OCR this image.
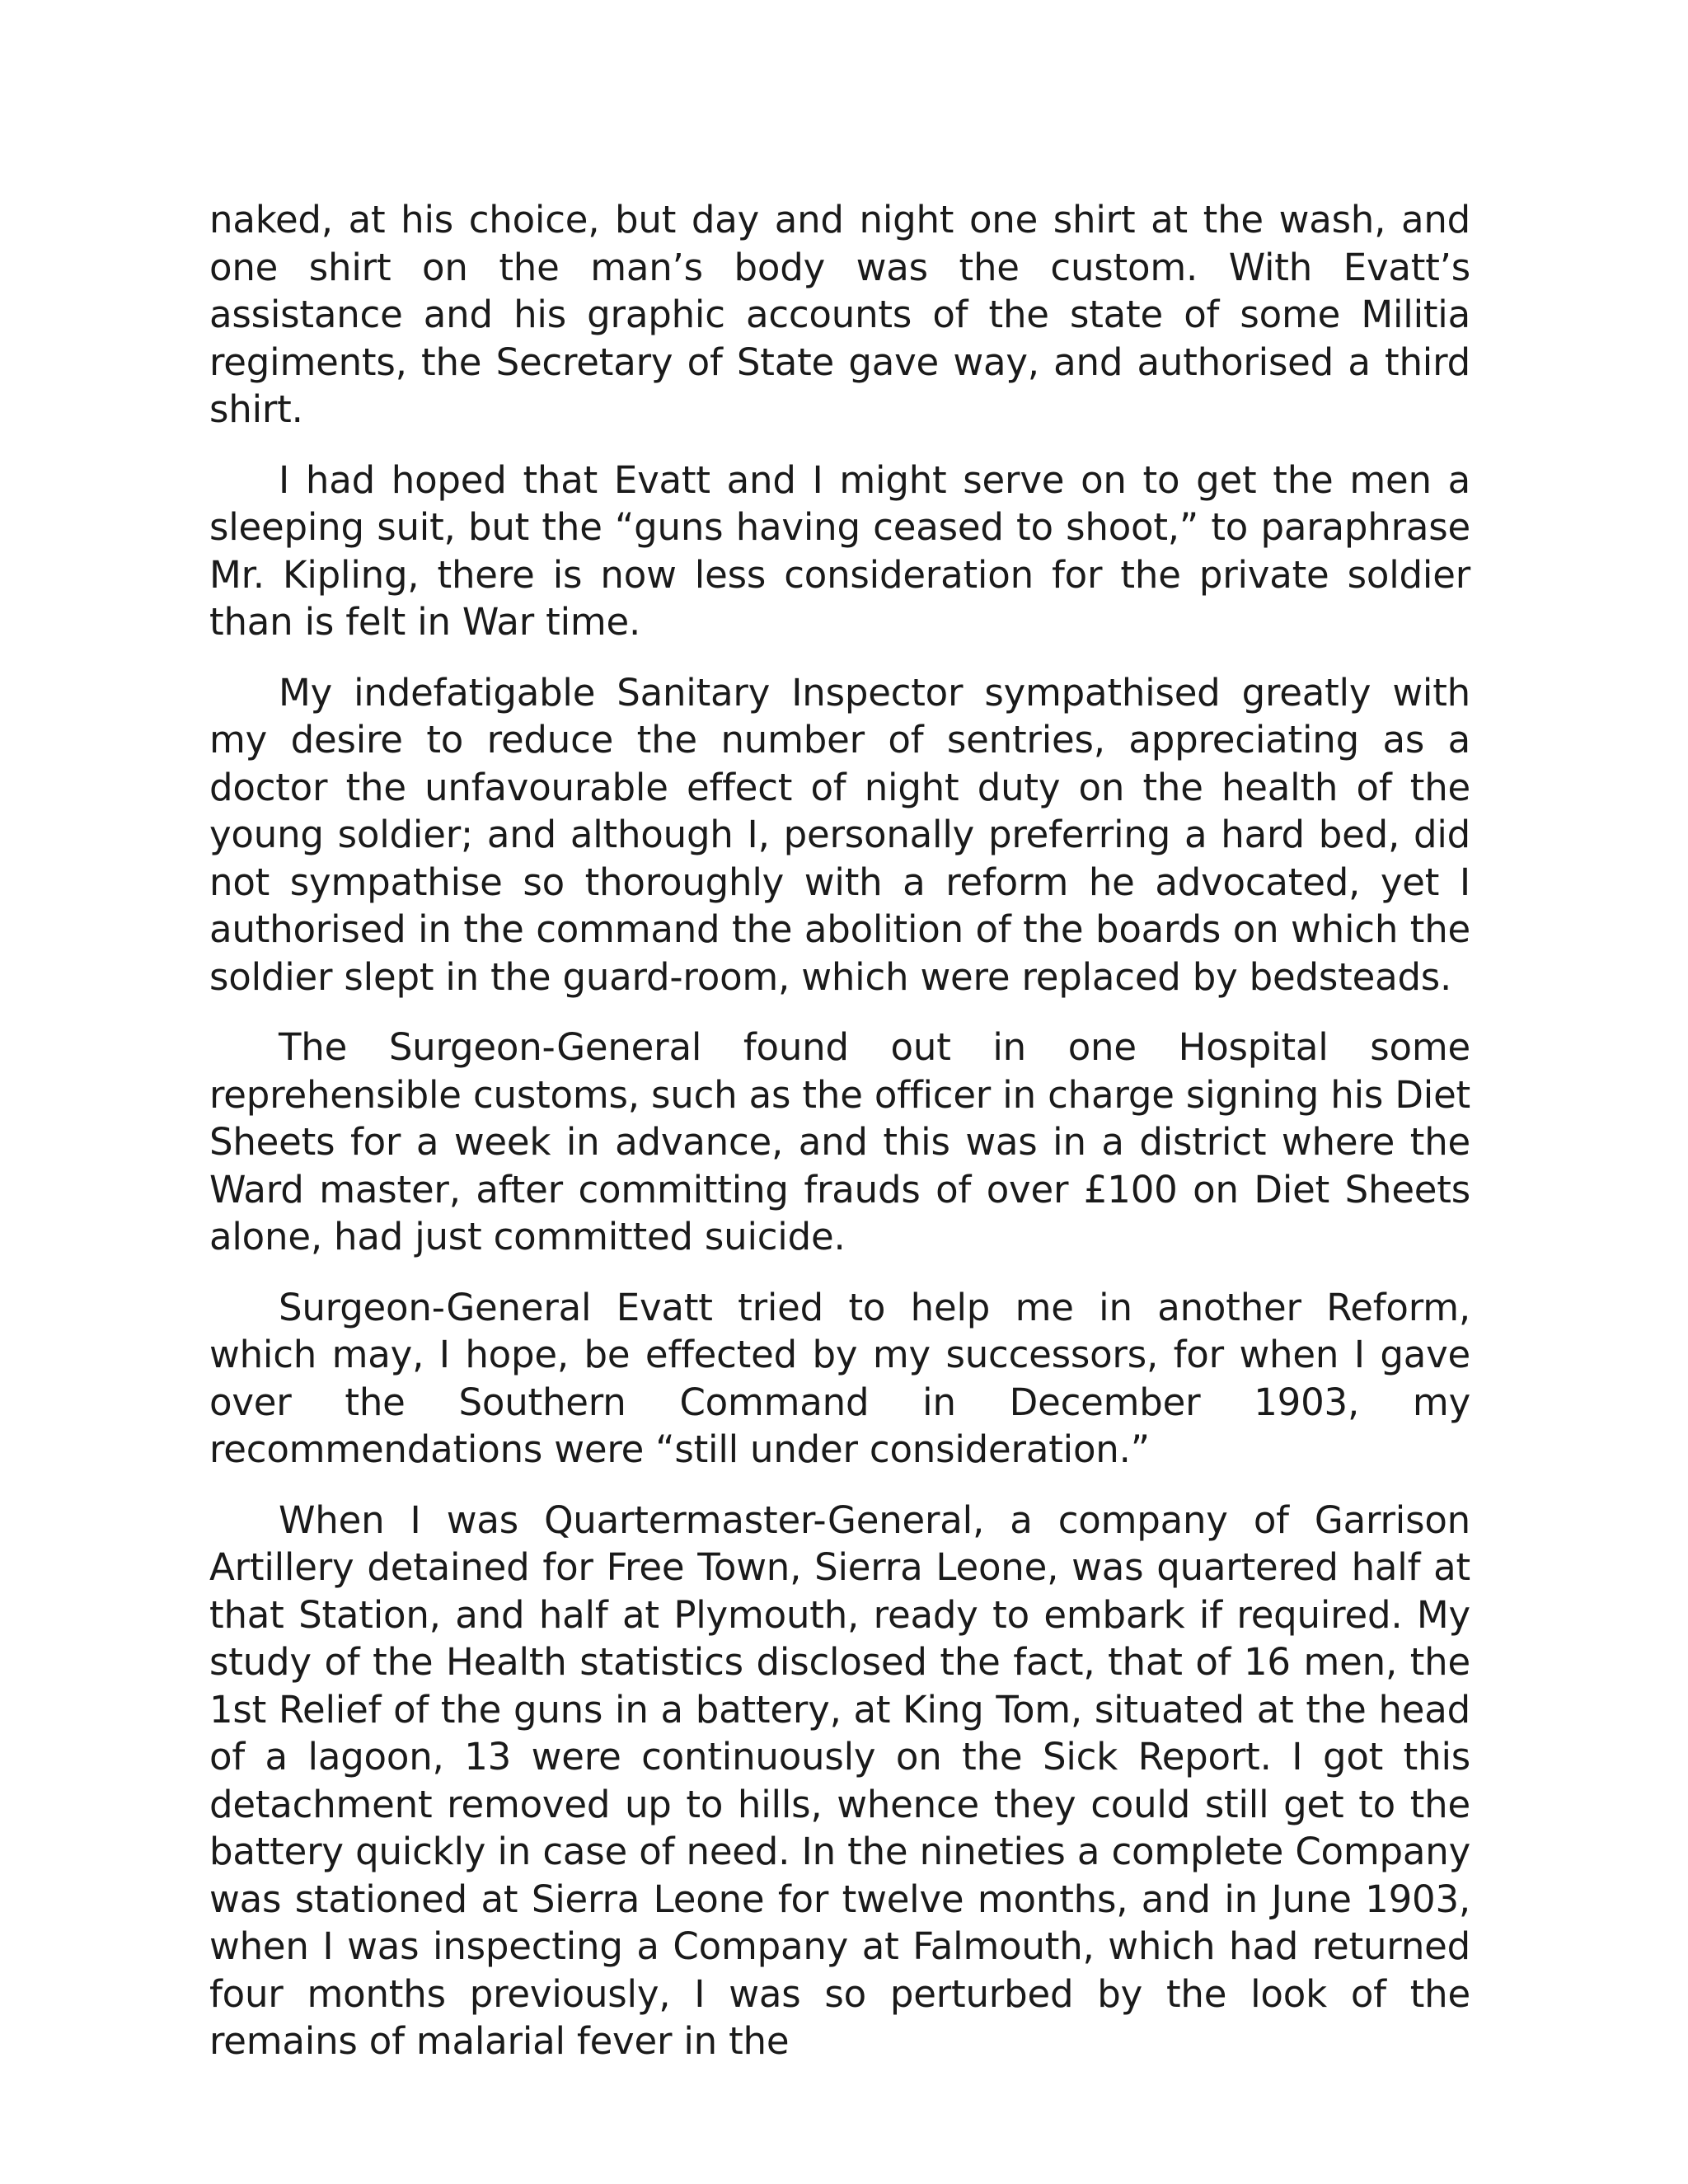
naked, at his choice, but day and night one shirt at the wash, and one shirt on the man’s body was the custom. With Evatt’s assistance and his graphic accounts of the state of some Militia regiments, the Secretary of State gave way, and authorised a third shirt.

I had hoped that Evatt and I might serve on to get the men a sleeping suit, but the “guns having ceased to shoot,” to paraphrase Mr. Kipling, there is now less consideration for the private soldier than is felt in War time.

My indefatigable Sanitary Inspector sympathised greatly with my desire to reduce the number of sentries, appreciating as a doctor the unfavourable effect of night duty on the health of the young soldier; and although I, personally preferring a hard bed, did not sympathise so thoroughly with a reform he advocated, yet I authorised in the command the abolition of the boards on which the soldier slept in the guard-room, which were replaced by bedsteads.

The Surgeon-General found out in one Hospital some reprehensible customs, such as the officer in charge signing his Diet Sheets for a week in advance, and this was in a district where the Ward master, after committing frauds of over £100 on Diet Sheets alone, had just committed suicide.

Surgeon-General Evatt tried to help me in another Reform, which may, I hope, be effected by my successors, for when I gave over the Southern Command in December 1903, my recommendations were “still under consideration.”

When I was Quartermaster-General, a company of Garrison Artillery detained for Free Town, Sierra Leone, was quartered half at that Station, and half at Plymouth, ready to embark if required. My study of the Health statistics disclosed the fact, that of 16 men, the 1st Relief of the guns in a battery, at King Tom, situated at the head of a lagoon, 13 were continuously on the Sick Report. I got this detachment removed up to hills, whence they could still get to the battery quickly in case of need. In the nineties a complete Company was stationed at Sierra Leone for twelve months, and in June 1903, when I was inspecting a Company at Falmouth, which had returned four months previously, I was so perturbed by the look of the remains of malarial fever in the
